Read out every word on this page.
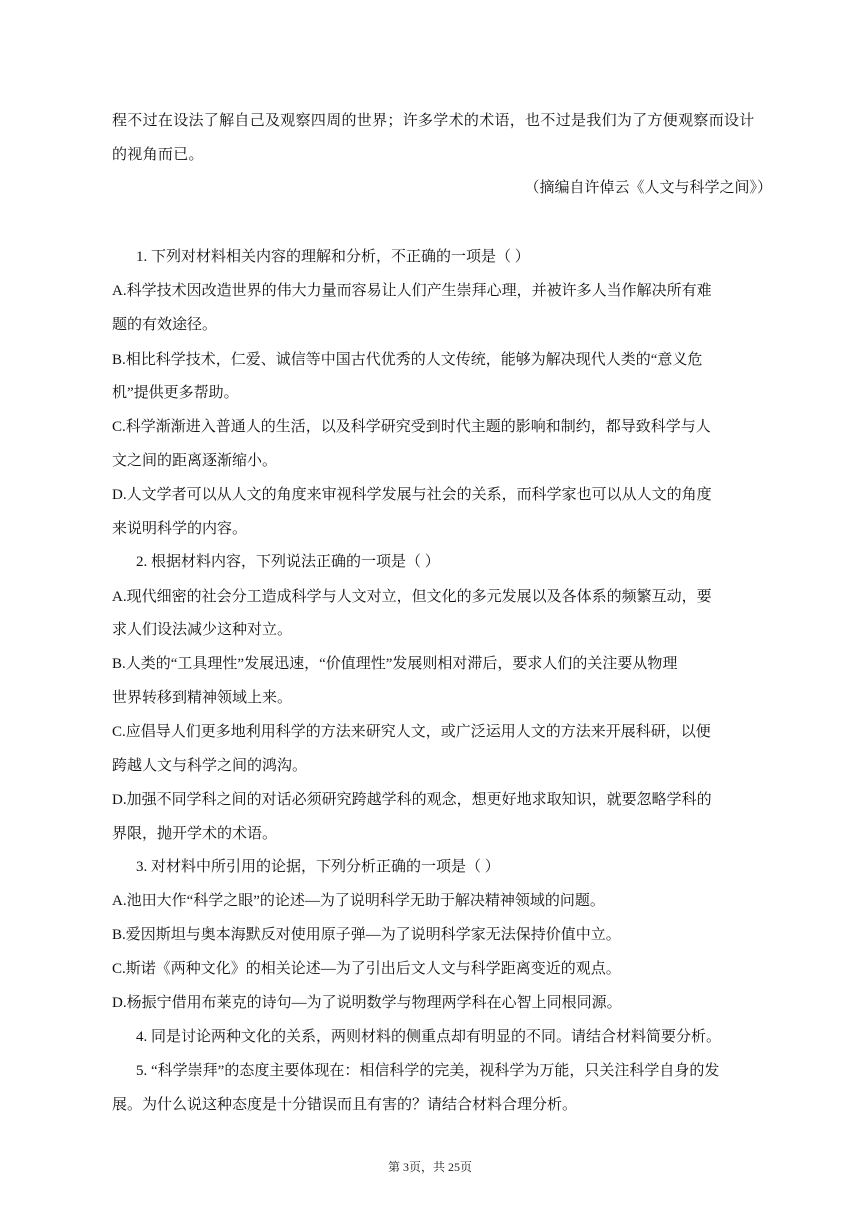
程不过在设法了解自己及观察四周的世界；许多学术的术语，也不过是我们为了方便观察而设计
的视角而已。
（摘编自许倬云《人文与科学之间》）
1. 下列对材料相关内容的理解和分析，不正确的一项是（ ）
A.科学技术因改造世界的伟大力量而容易让人们产生崇拜心理，并被许多人当作解决所有难
题的有效途径。
B.相比科学技术，仁爱、诚信等中国古代优秀的人文传统，能够为解决现代人类的“意义危
机”提供更多帮助。
C.科学渐渐进入普通人的生活，以及科学研究受到时代主题的影响和制约，都导致科学与人
文之间的距离逐渐缩小。
D.人文学者可以从人文的角度来审视科学发展与社会的关系，而科学家也可以从人文的角度
来说明科学的内容。
2. 根据材料内容，下列说法正确的一项是（ ）
A.现代细密的社会分工造成科学与人文对立，但文化的多元发展以及各体系的频繁互动，要
求人们设法减少这种对立。
B.人类的“工具理性”发展迅速，“价值理性”发展则相对滞后，要求人们的关注要从物理
世界转移到精神领域上来。
C.应倡导人们更多地利用科学的方法来研究人文，或广泛运用人文的方法来开展科研，以便
跨越人文与科学之间的鸿沟。
D.加强不同学科之间的对话必须研究跨越学科的观念，想更好地求取知识，就要忽略学科的
界限，抛开学术的术语。
3. 对材料中所引用的论据，下列分析正确的一项是（ ）
A.池田大作“科学之眼”的论述—为了说明科学无助于解决精神领域的问题。
B.爱因斯坦与奥本海默反对使用原子弹—为了说明科学家无法保持价值中立。
C.斯诺《两种文化》的相关论述—为了引出后文人文与科学距离变近的观点。
D.杨振宁借用布莱克的诗句—为了说明数学与物理两学科在心智上同根同源。
4. 同是讨论两种文化的关系，两则材料的侧重点却有明显的不同。请结合材料简要分析。
5. “科学崇拜”的态度主要体现在：相信科学的完美，视科学为万能，只关注科学自身的发
展。为什么说这种态度是十分错误而且有害的？请结合材料合理分析。
第 3页，共 25页
